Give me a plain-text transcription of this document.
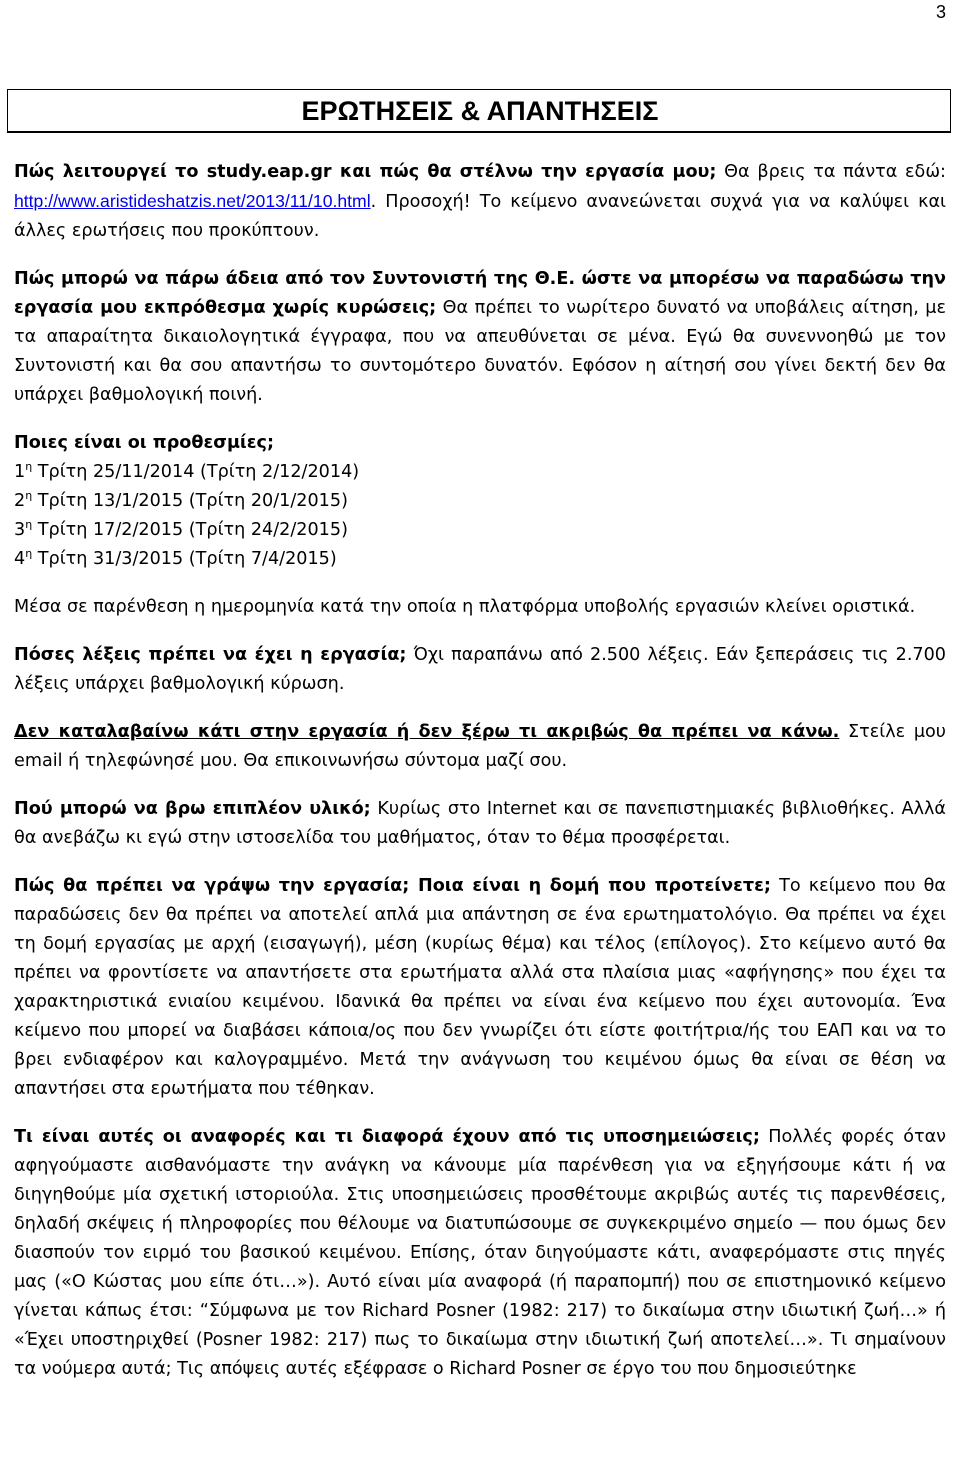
3
ΕΡΩΤΗΣΕΙΣ & ΑΠΑΝΤΗΣΕΙΣ

Πώς λειτουργεί το study.eap.gr και πώς θα στέλνω την εργασία μου; Θα βρεις τα πάντα εδώ: http://www.aristideshatzis.net/2013/11/10.html. Προσοχή! Το κείμενο ανανεώνεται συχνά για να καλύψει και άλλες ερωτήσεις που προκύπτουν.

Πώς μπορώ να πάρω άδεια από τον Συντονιστή της Θ.Ε. ώστε να μπορέσω να παραδώσω την εργασία μου εκπρόθεσμα χωρίς κυρώσεις; Θα πρέπει το νωρίτερο δυνατό να υποβάλεις αίτηση, με τα απαραίτητα δικαιολογητικά έγγραφα, που να απευθύνεται σε μένα. Εγώ θα συνεννοηθώ με τον Συντονιστή και θα σου απαντήσω το συντομότερο δυνατόν. Εφόσον η αίτησή σου γίνει δεκτή δεν θα υπάρχει βαθμολογική ποινή.

Ποιες είναι οι προθεσμίες;
$1^\eta$ Τρίτη 25/11/2014 (Τρίτη 2/12/2014)
$2^\eta$ Τρίτη 13/1/2015 (Τρίτη 20/1/2015)
$3^\eta$ Τρίτη 17/2/2015 (Τρίτη 24/2/2015)
$4^\eta$ Τρίτη 31/3/2015 (Τρίτη 7/4/2015)

Μέσα σε παρένθεση η ημερομηνία κατά την οποία η πλατφόρμα υποβολής εργασιών κλείνει οριστικά.

Πόσες λέξεις πρέπει να έχει η εργασία; Όχι παραπάνω από 2.500 λέξεις. Εάν ξεπεράσεις τις 2.700 λέξεις υπάρχει βαθμολογική κύρωση.

Δεν καταλαβαίνω κάτι στην εργασία ή δεν ξέρω τι ακριβώς θα πρέπει να κάνω. Στείλε μου email ή τηλεφώνησέ μου. Θα επικοινωνήσω σύντομα μαζί σου.

Πού μπορώ να βρω επιπλέον υλικό; Κυρίως στο Internet και σε πανεπιστημιακές βιβλιοθήκες. Αλλά θα ανεβάζω κι εγώ στην ιστοσελίδα του μαθήματος, όταν το θέμα προσφέρεται.

Πώς θα πρέπει να γράψω την εργασία; Ποια είναι η δομή που προτείνετε; Το κείμενο που θα παραδώσεις δεν θα πρέπει να αποτελεί απλά μια απάντηση σε ένα ερωτηματολόγιο. Θα πρέπει να έχει τη δομή εργασίας με αρχή (εισαγωγή), μέση (κυρίως θέμα) και τέλος (επίλογος). Στο κείμενο αυτό θα πρέπει να φροντίσετε να απαντήσετε στα ερωτήματα αλλά στα πλαίσια μιας «αφήγησης» που έχει τα χαρακτηριστικά ενιαίου κειμένου. Ιδανικά θα πρέπει να είναι ένα κείμενο που έχει αυτονομία. Ένα κείμενο που μπορεί να διαβάσει κάποια/ος που δεν γνωρίζει ότι είστε φοιτήτρια/ής του ΕΑΠ και να το βρει ενδιαφέρον και καλογραμμένο. Μετά την ανάγνωση του κειμένου όμως θα είναι σε θέση να απαντήσει στα ερωτήματα που τέθηκαν.

Τι είναι αυτές οι αναφορές και τι διαφορά έχουν από τις υποσημειώσεις; Πολλές φορές όταν αφηγούμαστε αισθανόμαστε την ανάγκη να κάνουμε μία παρένθεση για να εξηγήσουμε κάτι ή να διηγηθούμε μία σχετική ιστοριούλα. Στις υποσημειώσεις προσθέτουμε ακριβώς αυτές τις παρενθέσεις, δηλαδή σκέψεις ή πληροφορίες που θέλουμε να διατυπώσουμε σε συγκεκριμένο σημείο — που όμως δεν διασπούν τον ειρμό του βασικού κειμένου. Επίσης, όταν διηγούμαστε κάτι, αναφερόμαστε στις πηγές μας («Ο Κώστας μου είπε ότι…»). Αυτό είναι μία αναφορά (ή παραπομπή) που σε επιστημονικό κείμενο γίνεται κάπως έτσι: “Σύμφωνα με τον Richard Posner (1982: 217) το δικαίωμα στην ιδιωτική ζωή…» ή «Έχει υποστηριχθεί (Posner 1982: 217) πως το δικαίωμα στην ιδιωτική ζωή αποτελεί…». Τι σημαίνουν τα νούμερα αυτά; Τις απόψεις αυτές εξέφρασε ο Richard Posner σε έργο του που δημοσιεύτηκε
